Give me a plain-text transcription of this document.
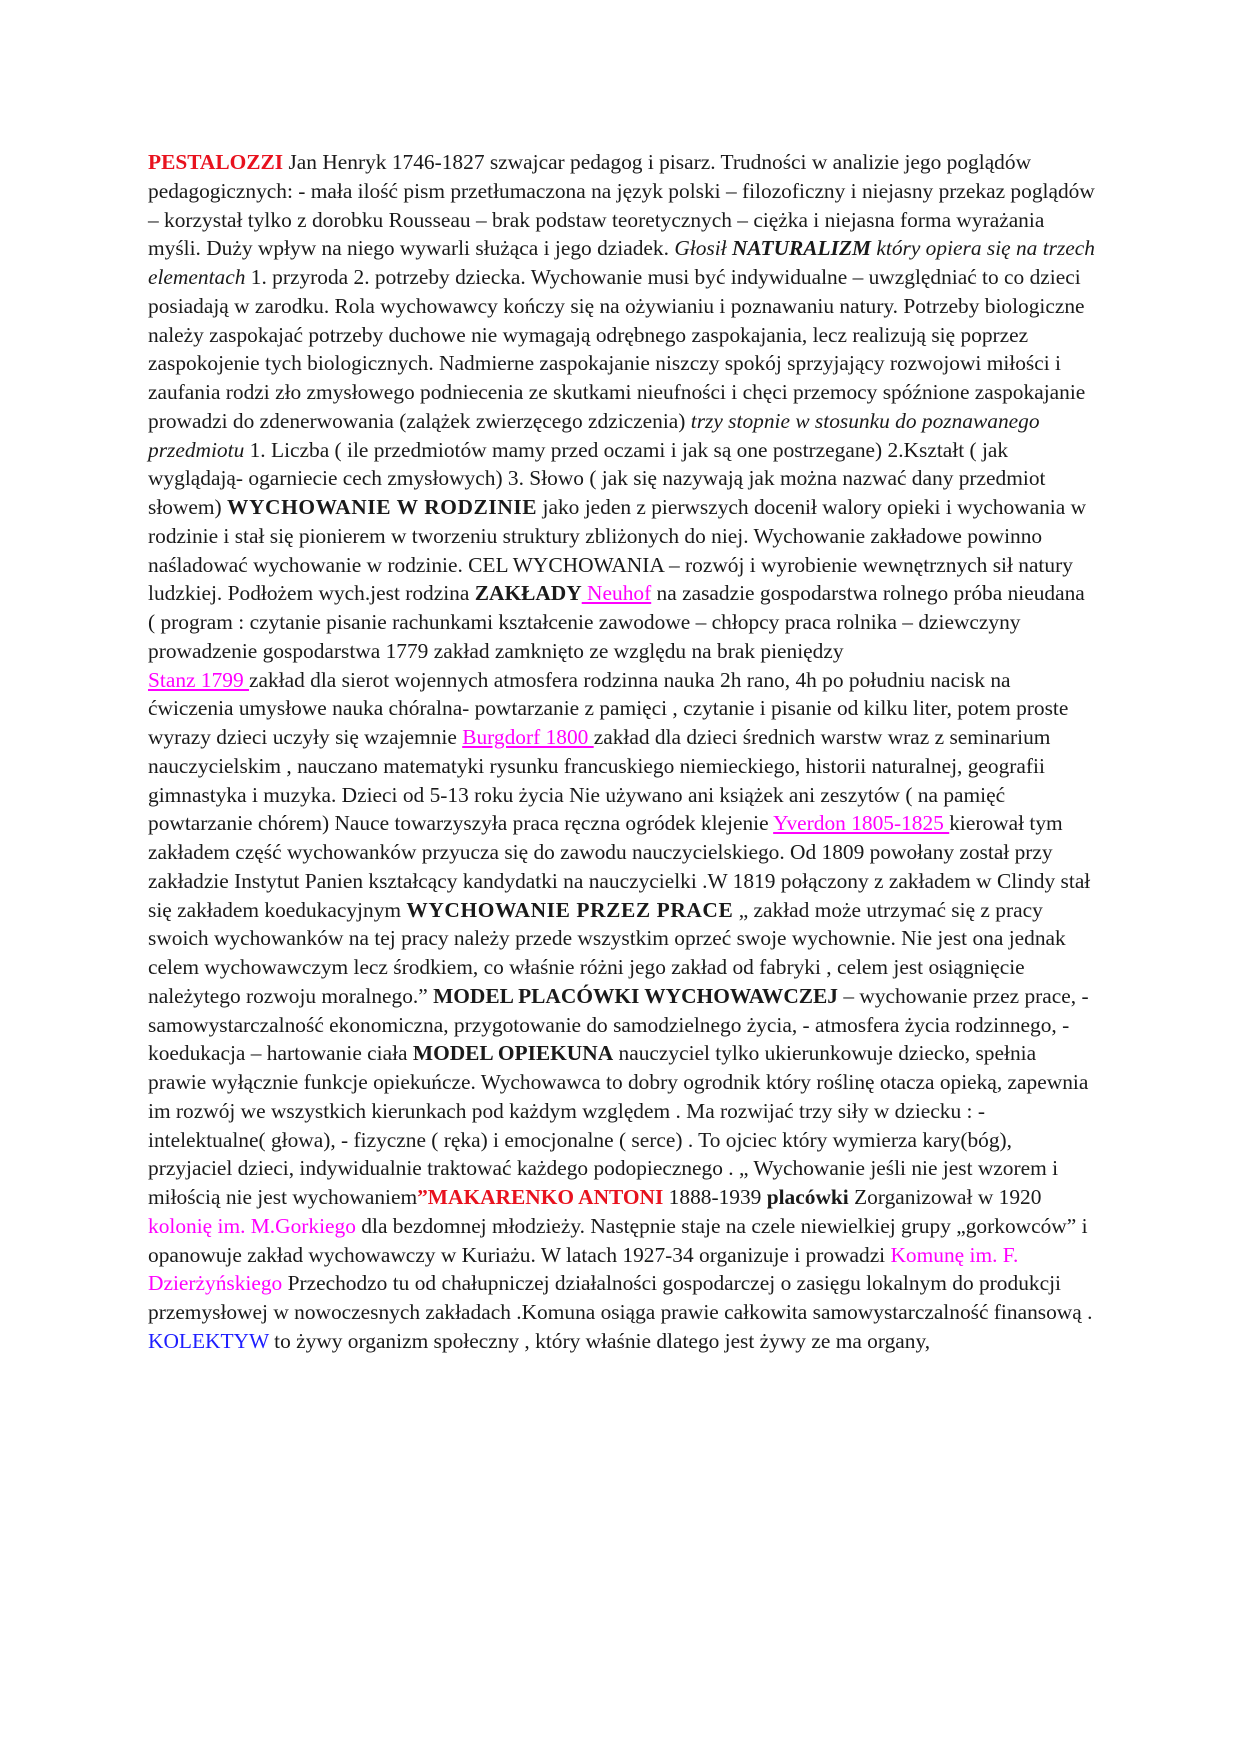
PESTALOZZI Jan Henryk 1746-1827 szwajcar pedagog i pisarz. Trudności w analizie jego poglądów pedagogicznych: - mała ilość pism przetłumaczona na język polski – filozoficzny i niejasny przekaz poglądów – korzystał tylko z dorobku Rousseau – brak podstaw teoretycznych – ciężka i niejasna forma wyrażania myśli. Duży wpływ na niego wywarli służąca i jego dziadek. Głosił NATURALIZM który opiera się na trzech elementach 1. przyroda 2. potrzeby dziecka. Wychowanie musi być indywidualne – uwzględniać to co dzieci posiadają w zarodku. Rola wychowawcy kończy się na ożywianiu i poznawaniu natury. Potrzeby biologiczne należy zaspokajać potrzeby duchowe nie wymagają odrębnego zaspokajania, lecz realizują się poprzez zaspokojenie tych biologicznych. Nadmierne zaspokajanie niszczy spokój sprzyjający rozwojowi miłości i zaufania rodzi zło zmysłowego podniecenia ze skutkami nieufności i chęci przemocy spóźnione zaspokajanie prowadzi do zdenerwowania (zalążek zwierzęcego zdziczenia) trzy stopnie w stosunku do poznawanego przedmiotu 1. Liczba ( ile przedmiotów mamy przed oczami i jak są one postrzegane) 2.Kształt ( jak wyglądają- ogarniecie cech zmysłowych) 3. Słowo ( jak się nazywają jak można nazwać dany przedmiot słowem) WYCHOWANIE W RODZINIE jako jeden z pierwszych docenił walory opieki i wychowania w rodzinie i stał się pionierem w tworzeniu struktury zbliżonych do niej. Wychowanie zakładowe powinno naśladować wychowanie w rodzinie. CEL WYCHOWANIA – rozwój i wyrobienie wewnętrznych sił natury ludzkiej. Podłożem wych.jest rodzina ZAKŁADY Neuhof na zasadzie gospodarstwa rolnego próba nieudana ( program : czytanie pisanie rachunkami kształcenie zawodowe – chłopcy praca rolnika – dziewczyny prowadzenie gospodarstwa 1779 zakład zamknięto ze względu na brak pieniędzy
Stanz 1799 zakład dla sierot wojennych atmosfera rodzinna nauka 2h rano, 4h po południu nacisk na ćwiczenia umysłowe nauka chóralna- powtarzanie z pamięci , czytanie i pisanie od kilku liter, potem proste wyrazy dzieci uczyły się wzajemnie Burgdorf 1800 zakład dla dzieci średnich warstw wraz z seminarium nauczycielskim , nauczano matematyki rysunku francuskiego niemieckiego, historii naturalnej, geografii gimnastyka i muzyka. Dzieci od 5-13 roku życia Nie używano ani książek ani zeszytów ( na pamięć powtarzanie chórem) Nauce towarzyszyła praca ręczna ogródek klejenie Yverdon 1805-1825 kierował tym zakładem część wychowanków przyucza się do zawodu nauczycielskiego. Od 1809 powołany został przy zakładzie Instytut Panien kształcący kandydatki na nauczycielki .W 1819 połączony z zakładem w Clindy stał się zakładem koedukacyjnym WYCHOWANIE PRZEZ PRACE „ zakład może utrzymać się z pracy swoich wychowanków na tej pracy należy przede wszystkim oprzeć swoje wychownie. Nie jest ona jednak celem wychowawczym lecz środkiem, co właśnie różni jego zakład od fabryki , celem jest osiągnięcie należytego rozwoju moralnego.” MODEL PLACÓWKI WYCHOWAWCZEJ – wychowanie przez prace, - samowystarczalność ekonomiczna, przygotowanie do samodzielnego życia, - atmosfera życia rodzinnego, - koedukacja – hartowanie ciała MODEL OPIEKUNA nauczyciel tylko ukierunkowuje dziecko, spełnia prawie wyłącznie funkcje opiekuńcze. Wychowawca to dobry ogrodnik który roślinę otacza opieką, zapewnia im rozwój we wszystkich kierunkach pod każdym względem . Ma rozwijać trzy siły w dziecku : - intelektualne( głowa), - fizyczne ( ręka) i emocjonalne ( serce) . To ojciec który wymierza kary(bóg), przyjaciel dzieci, indywidualnie traktować każdego podopiecznego . „ Wychowanie jeśli nie jest wzorem i miłością nie jest wychowaniem”MAKARENKO ANTONI 1888-1939 placówki Zorganizował w 1920 kolonię im. M.Gorkiego dla bezdomnej młodzieży. Następnie staje na czele niewielkiej grupy „gorkowców” i opanowuje zakład wychowawczy w Kuriażu. W latach 1927-34 organizuje i prowadzi Komunę im. F. Dzierżyńskiego Przechodzo tu od chałupniczej działalności gospodarczej o zasięgu lokalnym do produkcji przemysłowej w nowoczesnych zakładach .Komuna osiąga prawie całkowita samowystarczalność finansową . KOLEKTYW to żywy organizm społeczny , który właśnie dlatego jest żywy ze ma organy,
